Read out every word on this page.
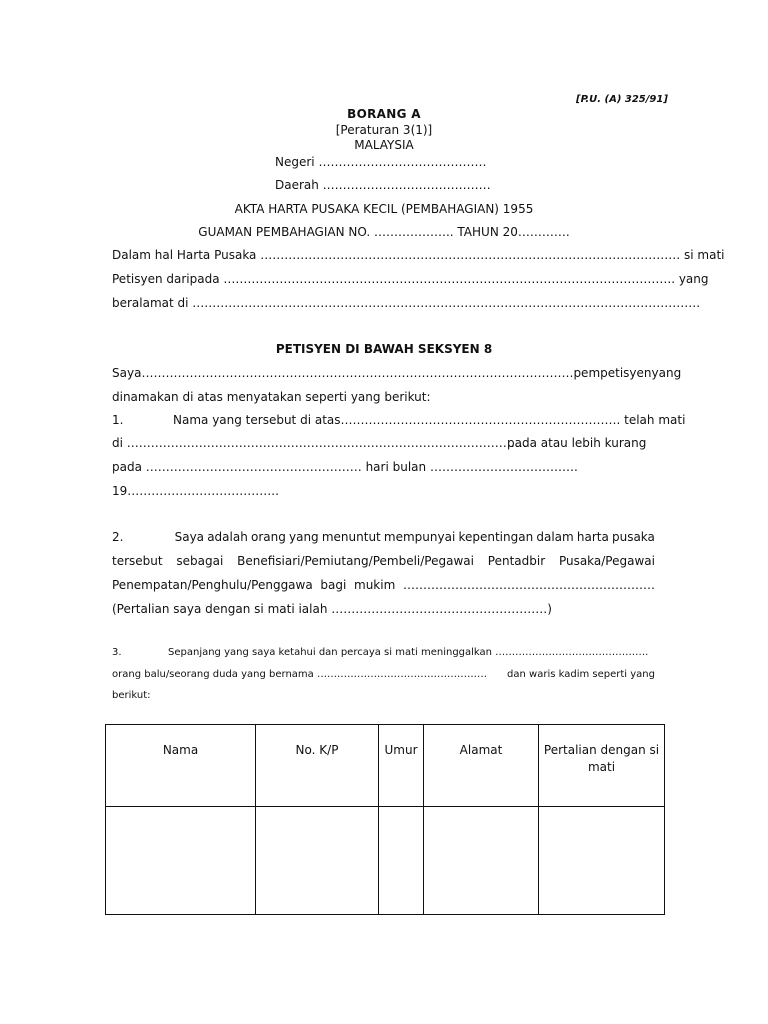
[P.U. (A) 325/91]
BORANG A
[Peraturan 3(1)]
MALAYSIA
Negeri ……………………………………
Daerah ……………………………………
AKTA HARTA PUSAKA KECIL (PEMBAHAGIAN) 1955
GUAMAN PEMBAHAGIAN NO. ……………….. TAHUN 20………….
Dalam hal Harta Pusaka …………………………………………………………………………………………… si mati
Petisyen daripada ………………………………………………………………………………………………….. yang
beralamat di ……………………………………………………………………………………………………………….
PETISYEN DI BAWAH SEKSYEN 8
Saya ……………………………………………………………………………………………… pempetisyen yang
dinamakan di atas menyatakan seperti yang berikut:
1.	Nama yang tersebut di atas……………………………………………………………. telah mati
di ……………………………………………………………………………………….
pada atau lebih kurang
pada ……………………………………………… hari bulan ……………………………….
19………………………………..
2.	Saya adalah orang yang menuntut mempunyai kepentingan dalam harta pusaka
tersebut sebagai Benefisiari/Pemiutang/Pembeli/Pegawai Pentadbir Pusaka/Pegawai
Penempatan/Penghulu/Penggawa bagi mukim ………………………………………………………
(Pertalian saya dengan si mati ialah ………………………………………………)
3.	Sepanjang yang saya ketahui dan percaya si mati meninggalkan ……………………………………….
orang balu/seorang duda yang bernama …………………………………………… dan waris kadim seperti yang
berikut:
Nama	No. K/P	Umur	Alamat	Pertalian dengan si mati
